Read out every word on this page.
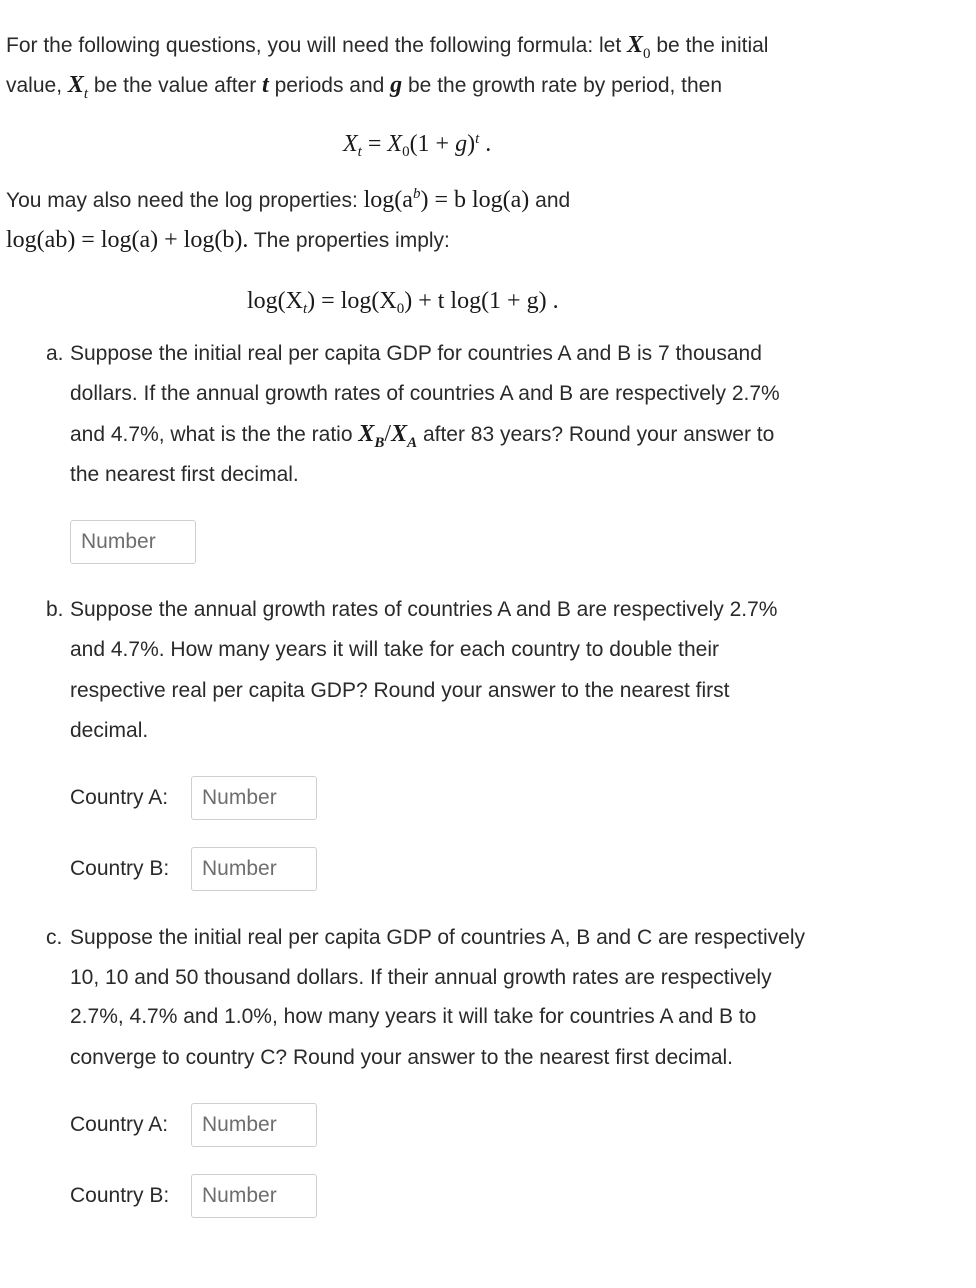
For the following questions, you will need the following formula: let $X_0$ be the initial
value, $X_t$ be the value after t periods and g be the growth rate by period, then
$X_t = X_0(1 + g)^t$ .
You may also need the log properties: $\log(a^b) = b$ log(a) and
log(ab) = log(a) + log(b). The properties imply:
$\log(X_t) = \log(X_0) + t$ log(1 + g) .
a. Suppose the initial real per capita GDP for countries A and B is 7 thousand
dollars. If the annual growth rates of countries A and B are respectively 2.7%
and 4.7%, what is the the ratio $X_B/X_A$ after 83 years? Round your answer to
the nearest first decimal.
Number
b. Suppose the annual growth rates of countries A and B are respectively 2.7%
and 4.7%. How many years it will take for each country to double their
respective real per capita GDP? Round your answer to the nearest first
decimal.
Country A:
Number
Country B:
Number
c. Suppose the initial real per capita GDP of countries A, B and C are respectively
10, 10 and 50 thousand dollars. If their annual growth rates are respectively
2.7%, 4.7% and 1.0%, how many years it will take for countries A and B to
converge to country C? Round your answer to the nearest first decimal.
Country A:
Number
Country B:
Number
